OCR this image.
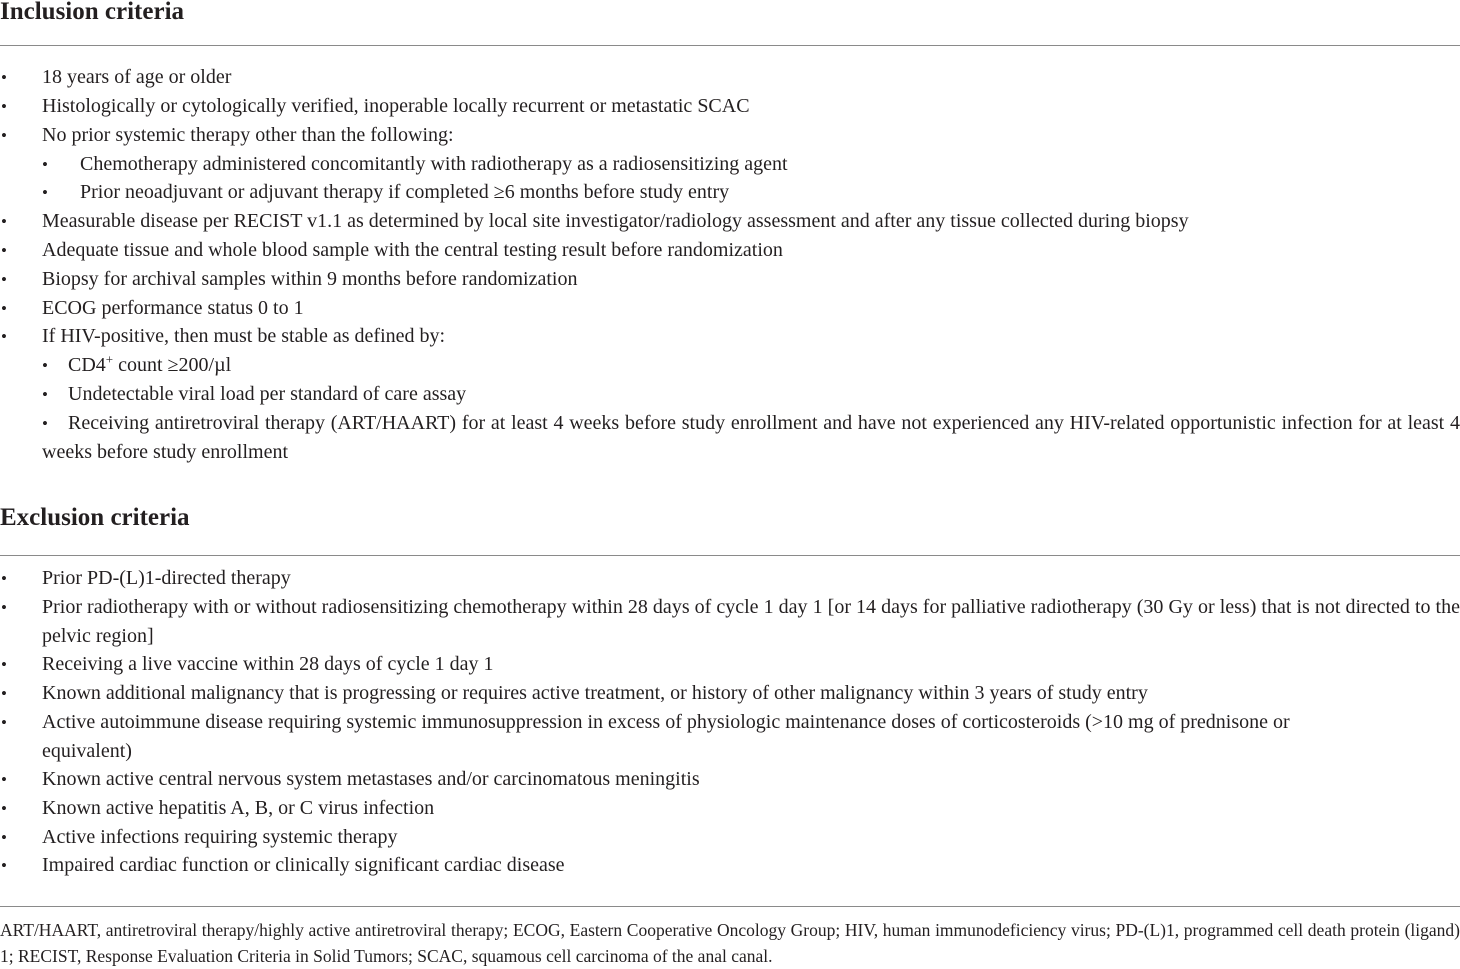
Inclusion criteria
• 18 years of age or older
• Histologically or cytologically verified, inoperable locally recurrent or metastatic SCAC
• No prior systemic therapy other than the following:
• Chemotherapy administered concomitantly with radiotherapy as a radiosensitizing agent
• Prior neoadjuvant or adjuvant therapy if completed ≥6 months before study entry
• Measurable disease per RECIST v1.1 as determined by local site investigator/radiology assessment and after any tissue collected during biopsy
• Adequate tissue and whole blood sample with the central testing result before randomization
• Biopsy for archival samples within 9 months before randomization
• ECOG performance status 0 to 1
• If HIV-positive, then must be stable as defined by:
• CD4+ count ≥200/µl
• Undetectable viral load per standard of care assay
•	Receiving antiretroviral therapy (ART/HAART) for at least 4 weeks before study enrollment and have not experienced any HIV-related opportunistic infection for at least 4 weeks before study enrollment
Exclusion criteria
• Prior PD-(L)1-directed therapy
• Prior radiotherapy with or without radiosensitizing chemotherapy within 28 days of cycle 1 day 1 [or 14 days for palliative radiotherapy (30 Gy or less) that is not directed to the pelvic region]
• Receiving a live vaccine within 28 days of cycle 1 day 1
• Known additional malignancy that is progressing or requires active treatment, or history of other malignancy within 3 years of study entry
• Active autoimmune disease requiring systemic immunosuppression in excess of physiologic maintenance doses of corticosteroids (>10 mg of prednisone or equivalent)
• Known active central nervous system metastases and/or carcinomatous meningitis
• Known active hepatitis A, B, or C virus infection
• Active infections requiring systemic therapy
• Impaired cardiac function or clinically significant cardiac disease

ART/HAART, antiretroviral therapy/highly active antiretroviral therapy; ECOG, Eastern Cooperative Oncology Group; HIV, human immunodeficiency virus; PD-(L)1, programmed cell death protein (ligand) 1; RECIST, Response Evaluation Criteria in Solid Tumors; SCAC, squamous cell carcinoma of the anal canal.
